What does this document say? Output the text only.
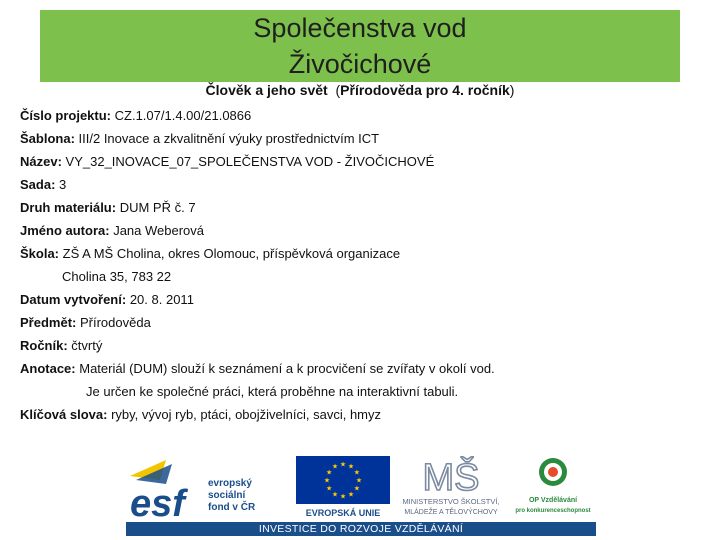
Společenstva vod
Živočichové
Člověk a jeho svět (Přírodověda pro 4. ročník)
Číslo projektu: CZ.1.07/1.4.00/21.0866
Šablona: III/2 Inovace a zkvalitnění výuky prostřednictvím ICT
Název: VY_32_INOVACE_07_SPOLEČENSTVA VOD - ŽIVOČICHOVÉ
Sada: 3
Druh materiálu: DUM PŘ č. 7
Jméno autora: Jana Weberová
Škola: ZŠ A MŠ Cholina, okres Olomouc, příspěvková organizace
Cholina 35, 783 22
Datum vytvoření: 20. 8. 2011
Předmět: Přírodověda
Ročník: čtvrtý
Anotace: Materiál (DUM) slouží k seznámení a k procvičení se zvířaty v okolí vod.
Je určen ke společné práci, která proběhne na interaktivní tabuli.
Klíčová slova: ryby, vývoj ryb, ptáci, obojživelníci, savci, hmyz
esf	evropský
sociální
fond v ČR
★ ★
★
★
★
★
★
★
★
★
★
★
EVROPSKÁ UNIE
MŠ
MINISTERSTVO ŠKOLSTVÍ,
MLÁDEŽE A TĚLOVÝCHOVY
OP Vzdělávání
pro konkurenceschopnost
INVESTICE DO ROZVOJE VZDĚLÁVÁNÍ
